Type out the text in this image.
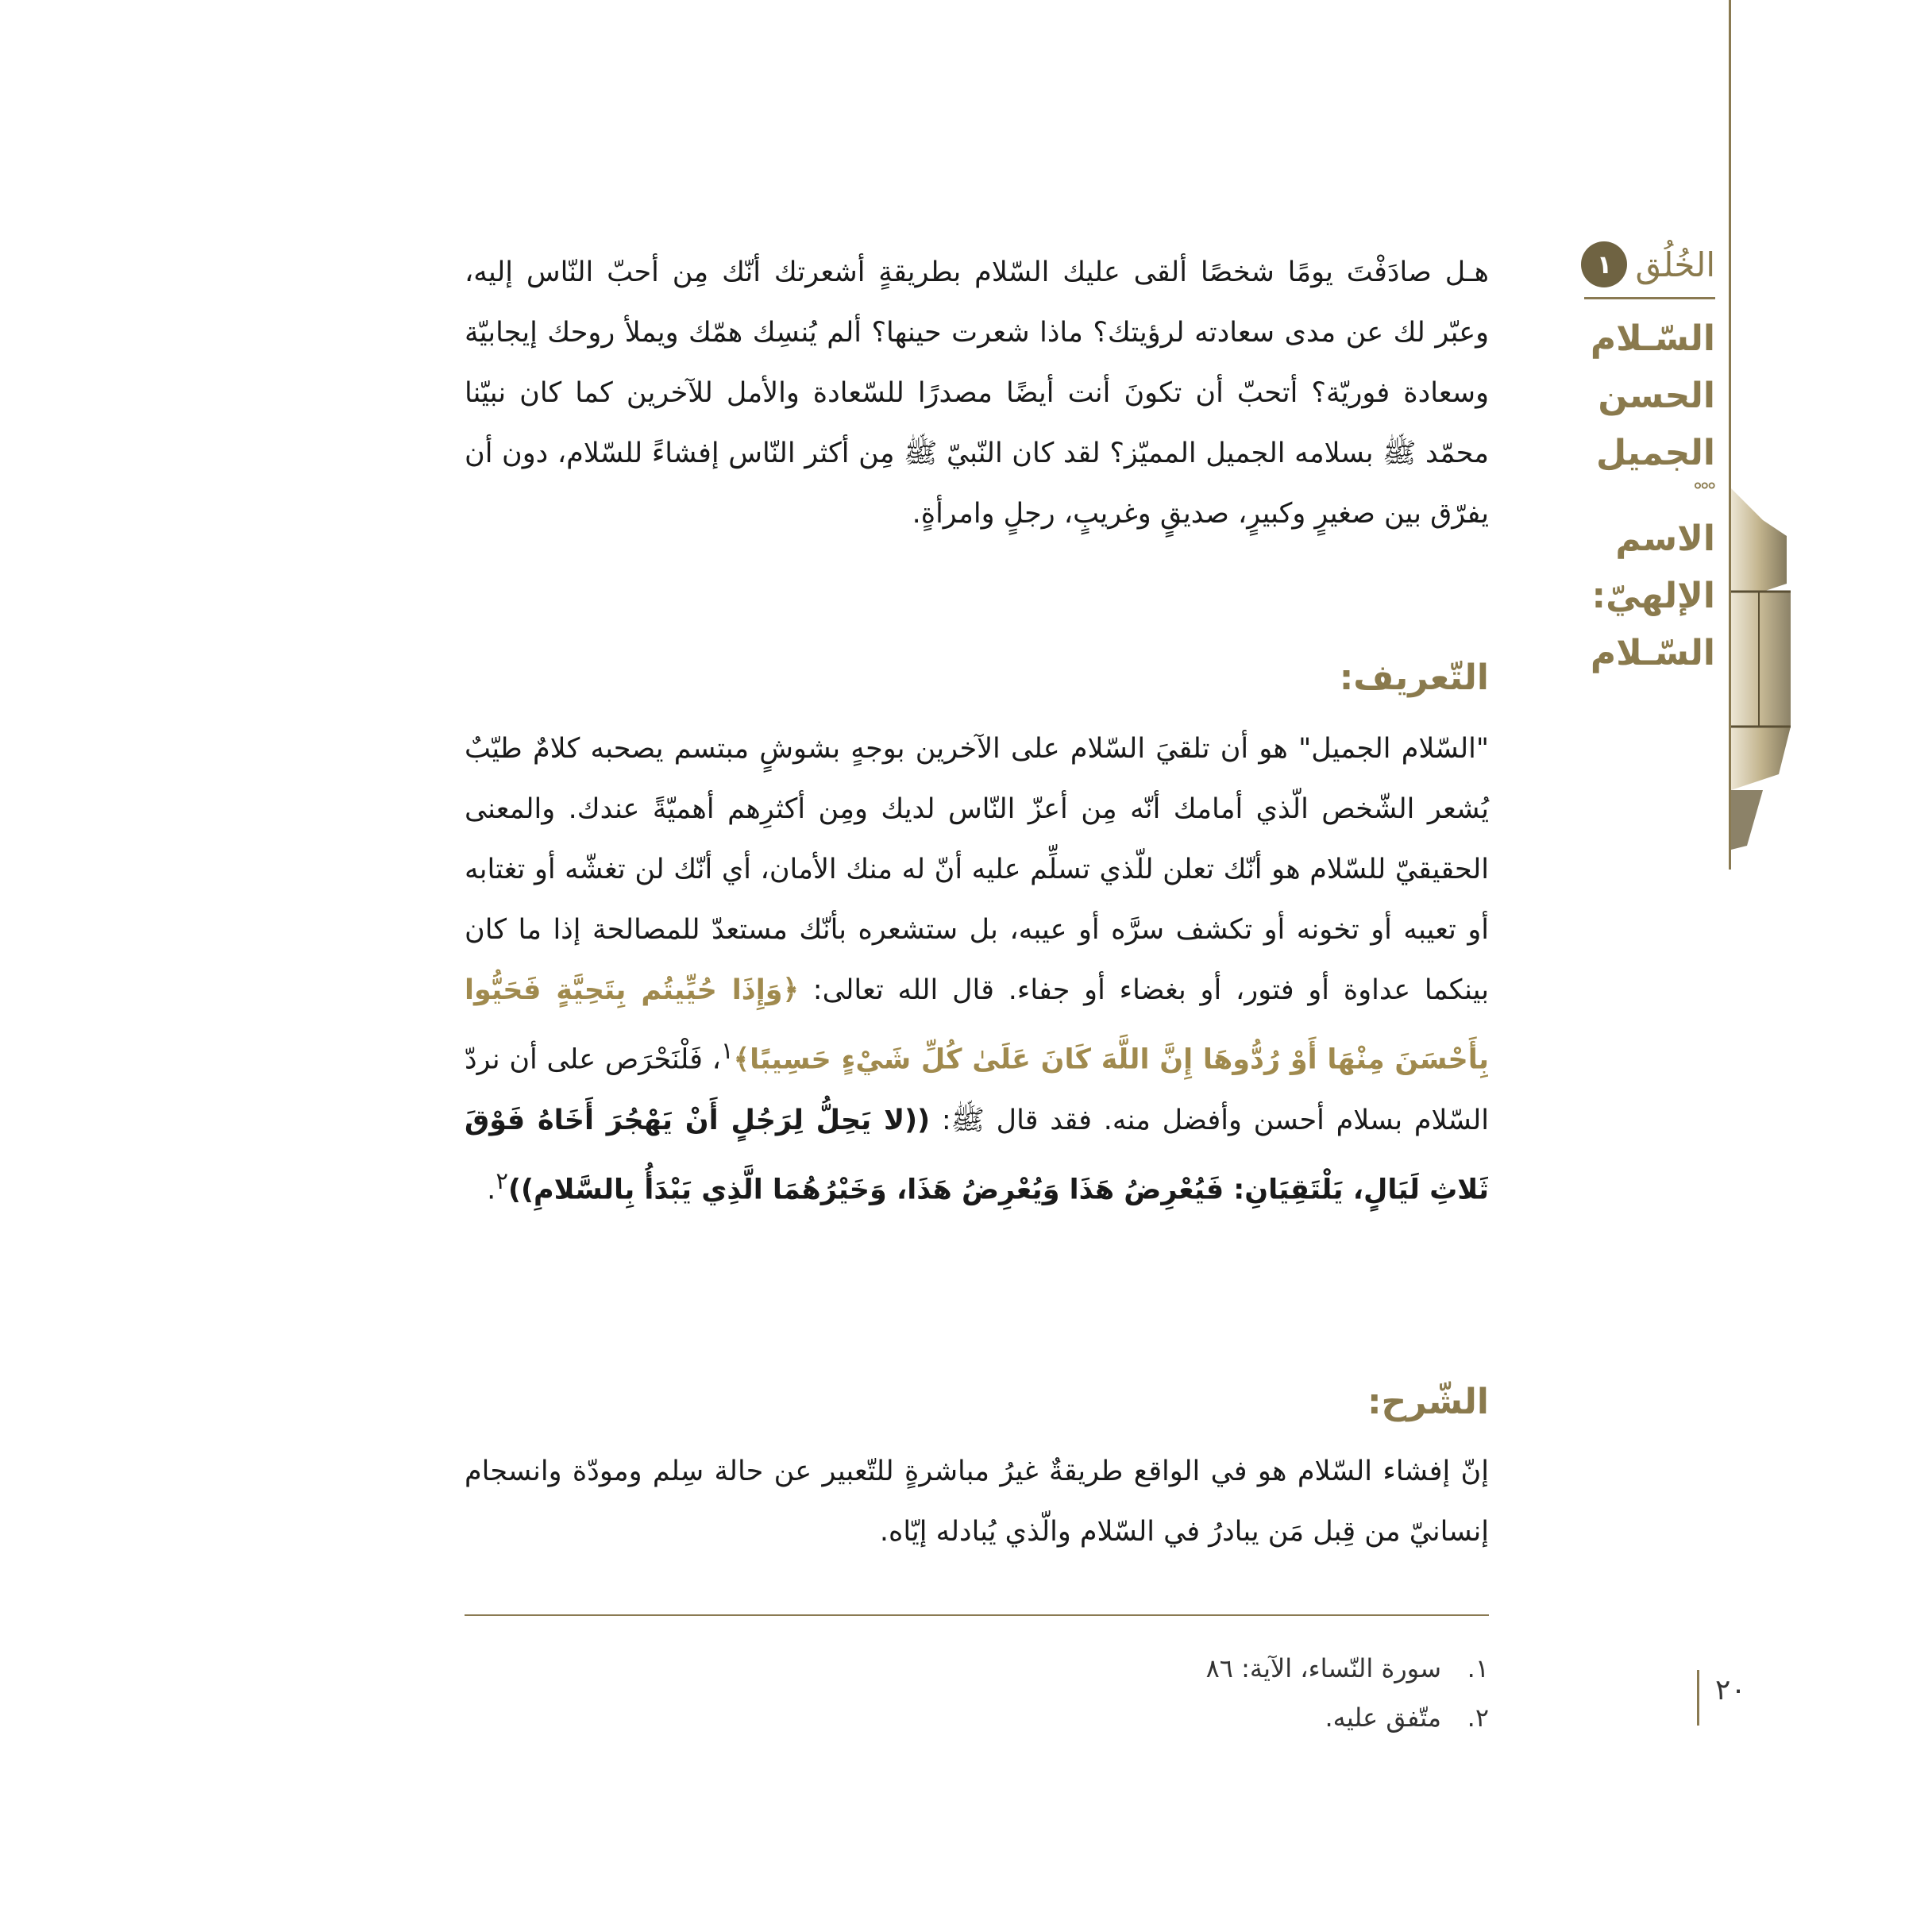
الخُلُق
١
السّـلام
الحسن
الجميل
ﹾﹾﹾ
الاسم
الإلهيّ:
السّـلام

هـل صادَفْتَ يومًا شخصًا ألقى عليك السّلام بطريقةٍ أشعرتك أنّك مِن أحبّ النّاس إليه، وعبّر لك عن مدى سعادته لرؤيتك؟ ماذا شعرت حينها؟ ألم يُنسِك همّك ويملأ روحك إيجابيّة وسعادة فوريّة؟ أتحبّ أن تكونَ أنت أيضًا مصدرًا للسّعادة والأمل للآخرين كما كان نبيّنا محمّد ﷺ بسلامه الجميل المميّز؟ لقد كان النّبيّ ﷺ مِن أكثر النّاس إفشاءً للسّلام، دون أن يفرّق بين صغيرٍ وكبيرٍ، صديقٍ وغريبٍ، رجلٍ وامرأةٍ.

التّعريف:

"السّلام الجميل" هو أن تلقيَ السّلام على الآخرين بوجهٍ بشوشٍ مبتسم يصحبه كلامٌ طيّبٌ يُشعر الشّخص الّذي أمامك أنّه مِن أعزّ النّاس لديك ومِن أكثرِهم أهميّةً عندك. والمعنى الحقيقيّ للسّلام هو أنّك تعلن للّذي تسلِّم عليه أنّ له منك الأمان، أي أنّك لن تغشّه أو تغتابه أو تعيبه أو تخونه أو تكشف سرَّه أو عيبه، بل ستشعره بأنّك مستعدّ للمصالحة إذا ما كان بينكما عداوة أو فتور، أو بغضاء أو جفاء. قال الله تعالى: ﴿وَإِذَا حُيِّيتُم بِتَحِيَّةٍ فَحَيُّوا بِأَحْسَنَ مِنْهَا أَوْ رُدُّوهَا إِنَّ اللَّهَ كَانَ عَلَىٰ كُلِّ شَيْءٍ حَسِيبًا﴾$^١$، فَلْنَحْرَص على أن نردّ السّلام بسلام أحسن وأفضل منه. فقد قال ﷺ: ((لا يَحِلُّ لِرَجُلٍ أَنْ يَهْجُرَ أَخَاهُ فَوْقَ ثَلاثِ لَيَالٍ، يَلْتَقِيَانِ: فَيُعْرِضُ هَذَا وَيُعْرِضُ هَذَا، وَخَيْرُهُمَا الَّذِي يَبْدَأُ بِالسَّلامِ))$^٢$.

الشّرح:

إنّ إفشاء السّلام هو في الواقع طريقةٌ غيرُ مباشرةٍ للتّعبير عن حالة سِلم ومودّة وانسجام إنسانيّ من قِبل مَن يبادرُ في السّلام والّذي يُبادله إيّاه.

١.سورة النّساء، الآية: ٨٦
٢.متّفق عليه.
٢٠
